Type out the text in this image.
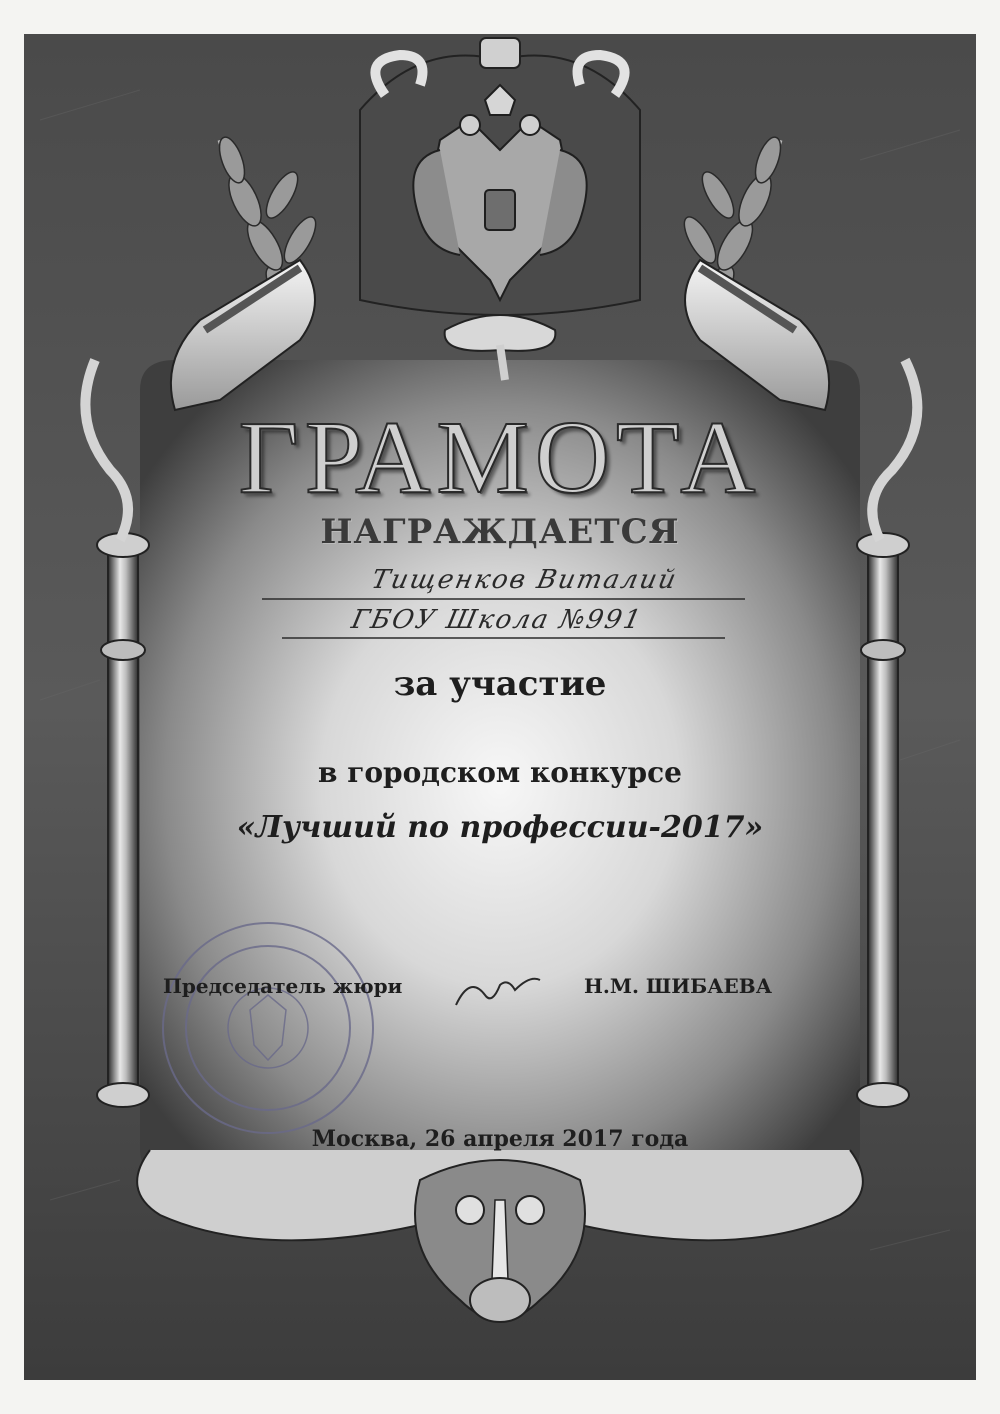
ГРАМОТА
НАГРАЖДАЕТСЯ
Тищенков Виталий
ГБОУ Школа №991
за участие
в городском конкурсе
«Лучший по профессии-2017»
Председатель жюри	Н.М. ШИБАЕВА
Москва, 26 апреля 2017 года
